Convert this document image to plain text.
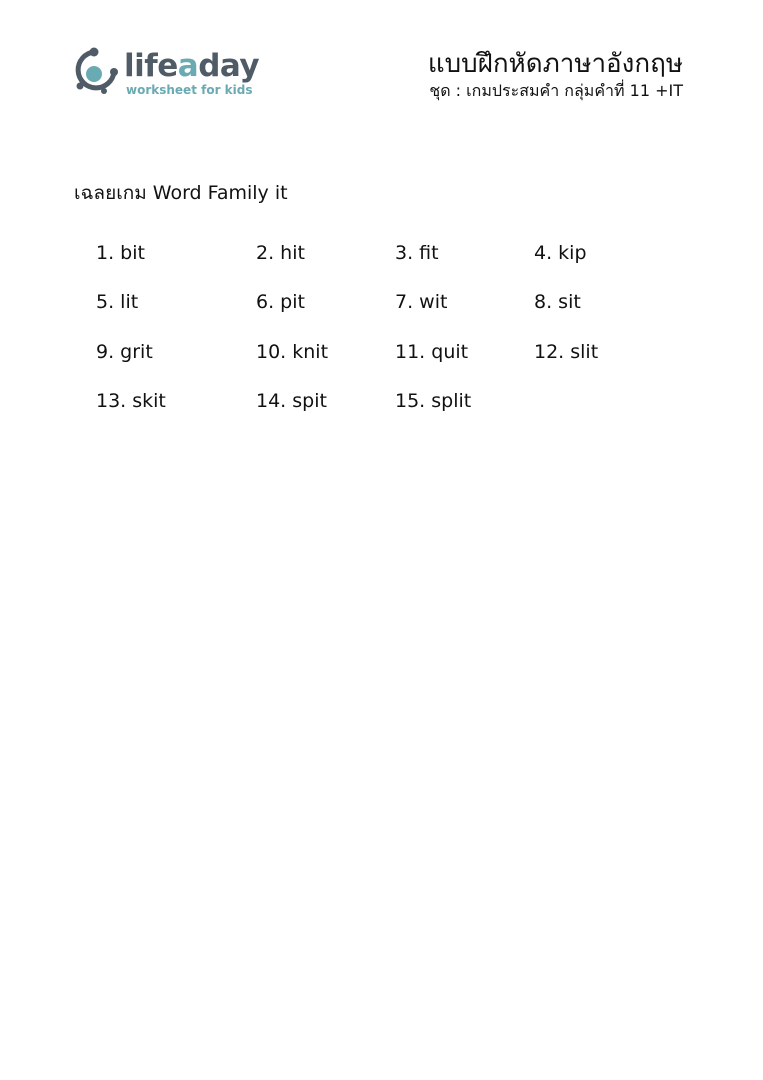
lifeaday
worksheet for kids
แบบฝึกหัดภาษาอังกฤษ
ชุด : เกมประสมคำ กลุ่มคำที่ 11 +IT
เฉลยเกม Word Family it
1. bit	2. hit	3. fit	4. kip
5. lit	6. pit	7. wit	8. sit
9. grit	10. knit	11. quit	12. slit
13. skit	14. spit	15. split
